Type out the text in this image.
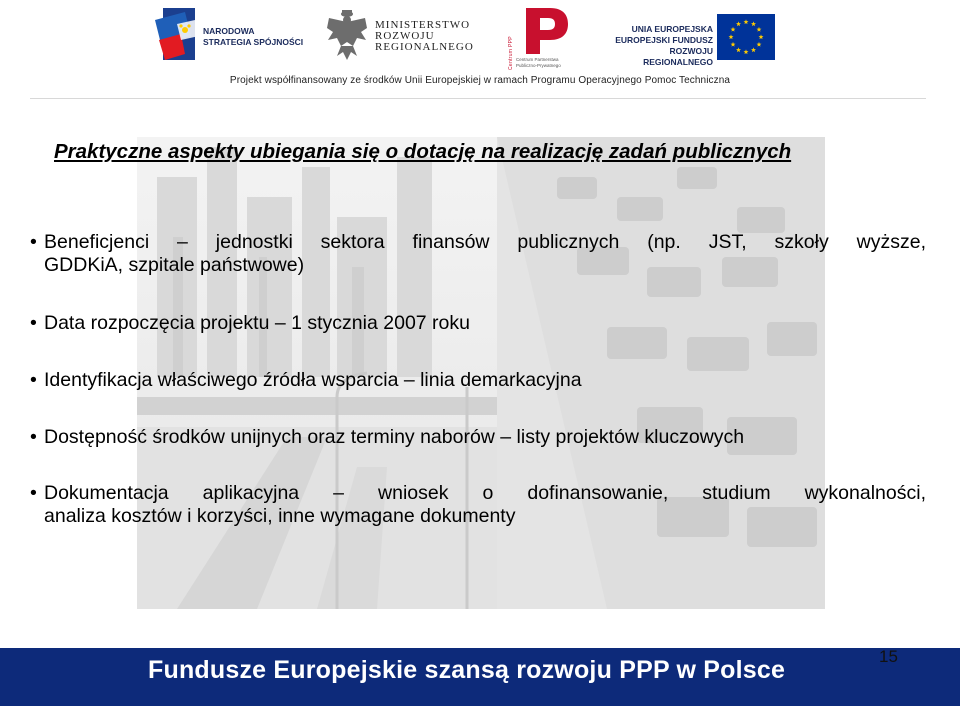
NARODOWA
STRATEGIA SPÓJNOŚCI
MINISTERSTWO
ROZWOJU
REGIONALNEGO	Centrum PPP Centrum Partnerstwa
Publiczno-Prywatnego
UNIA EUROPEJSKA
EUROPEJSKI FUNDUSZ
ROZWOJU REGIONALNEGO
Projekt współfinansowany ze środków Unii Europejskiej w ramach Programu Operacyjnego Pomoc Techniczna
Praktyczne aspekty ubiegania się o dotację na realizację zadań publicznych
• Beneficjenci – jednostki sektora finansów publicznych (np. JST, szkoły wyższe,
GDDKiA, szpitale państwowe)
• Data rozpoczęcia projektu – 1 stycznia 2007 roku
• Identyfikacja właściwego źródła wsparcia – linia demarkacyjna
• Dostępność środków unijnych oraz terminy naborów – listy projektów kluczowych
• Dokumentacja aplikacyjna – wniosek o dofinansowanie, studium wykonalności,
analiza kosztów i korzyści, inne wymagane dokumenty
Fundusze Europejskie szansą rozwoju PPP w Polsce	15
